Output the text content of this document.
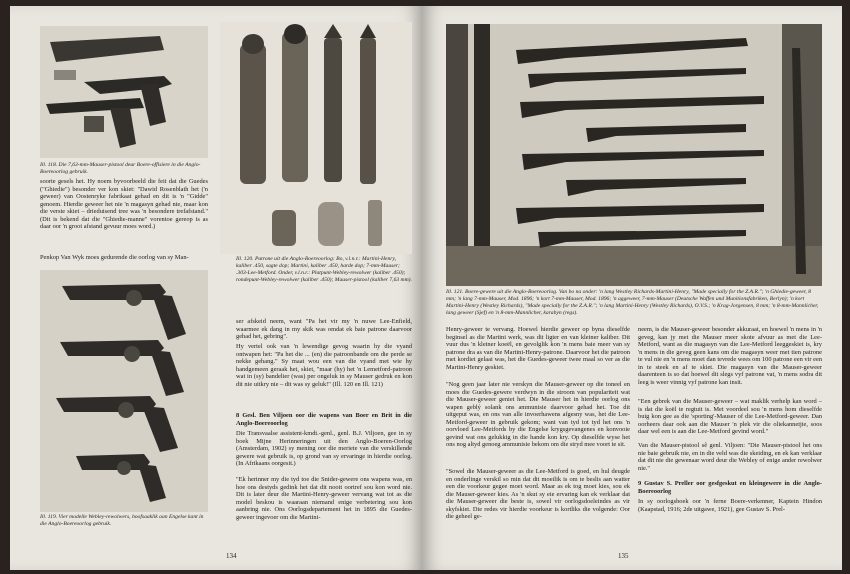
Ill. 118. Die 7,63-mm-Mauser-pistool deur Boere-offisiere in die Anglo-Boereoorlog gebruik.
soorte gesels het. Hy noem byvoorbeeld die feit dat die Guedes ("Ghiedie") besonder ver kon skiet: "Dawid Rosenblath het ('n geweer) van Oostenryke fabrikaat gehad en dit is 'n "Gidde" genoem. Hierdie geweer het nie 'n magasyn gehad nie, maar kon die verste skiet – drieduisend tree was 'n besondere trefafstand." (Dit is bekend dat die "Ghiedie-manne" vorentoe gereop is as daar oor 'n groot afstand gevuur moes word.)
Penkop Van Wyk moes gedurende die oorlog van sy Man-
Ill. 119. Vier modelle Webley-rewolwers, hoofsaaklik aan Engelse kant in die Anglo-Boereoorlog gebruik.
Ill. 120. Patrone uit die Anglo-Boereoorlog: Bo, v.l.n.r.: Martini-Henry, kaliber .450, sagte dop; Martini, kaliber .450, harde dop; 7-mm-Mauser; .303-Lee-Metford. Onder, v.l.n.r.: Platpunt-Webley-rewolwer (kaliber .450); rondepunt-Webley-rewolwer (kaliber .450); Mauser-pistool (kaliber 7,63 mm).
ser afskeid neem, want "Pa het vir my 'n nuwe Lee-Enfield, waarmee ek dang in my skik was omdat ek baie patrone daarvoor gehad het, gebring".
Hy vertel ook van 'n lewendige gevog waarin hy die vyand ontwapen het: "Pa het die ... (en) die patroonbande om die perde se nekke gehang." Sy maat wou een van die vyand met wie hy handgemeen geraak het, skiet, "maar (hy) het 'n Lemetford-patroon wat in (sy) bandelier (was) per ongeluk in sy Mauser gedruk en kon dit nie uitkry nie – dit was sy geluk!" (Ill. 120 en Ill. 121)
8 Gesl. Ben Viljoen oor die wapens van Boer en Brit in die Anglo-Boereoorlog
Die Transvaalse assistent-kmdt.-genl., genl. B.J. Viljoen, gee in sy boek Mijne Herinneringen uit den Anglo-Boeren-Oorlog (Amsterdam, 1902) sy mening oor die meriete van die verskillende gewere wat gebruik is, op grond van sy ervaringe in hierdie oorlog. (In Afrikaans oorgesit.)
"Ek herinner my die tyd toe die Snider-gewere ons wapens was, en hoe ons destyds gedink het dat dit nooit oortref sou kon word nie. Dit is later deur die Martini-Henry-geweer vervang wat tot as die model beskou is waaraan niemand enige verbetering sou kon aanbring nie. Ons Oorlogsdepartement het in 1895 die Guedes-geweer ingevoer om die Martini-
134
Ill. 121. Boere-gewere uit die Anglo-Boereoorlog. Van bo na onder: 'n lang Westley Richards-Martini-Henry, "Made specially for the Z.A.R."; 'n Ghiedie-geweer, 8 mm; 'n lang 7-mm-Mauser, Mod. 1896; 'n kort 7-mm-Mauser, Mod. 1896; 'n aggeweer, 7-mm-Mauser (Deutsche Waffen und Munitionsfabriken, Berlyn); 'n kort Martini-Henry (Westley Richards), "Made specially for the Z.A.R."; 'n lang Martini-Henry (Westley Richards), O.V.S.; 'n Krag-Jorgensen, 8 mm; 'n 8-mm-Mannlicher, lang geweer (Sjef) en 'n 8-mm-Mannlicher, karabyn (regs).
Henry-geweer te vervang. Hoewel hierdie geweer op byna dieselfde beginsel as die Martini werk, was dit ligter en van kleiner kaliber. Dit vuur dus 'n kleiner koeël, en gevolglik kon 'n mens baie meer van sy patrone dra as van die Martini-Henry-patrone. Daarvoor het die patroon met kordiet gelaai was, het die Guedes-geweer twee maal so ver as die Martini-Henry geskiet.
"Nog geen jaar later nie verskyn die Mauser-geweer op die toneel en moes die Guedes-gewere verdwyn in die stroom van populariteit wat die Mauser-geweer geniet het. Die Mauser het in hierdie oorlog ons wapen geblý solank ons ammunisie daarvoor gehad het. Toe dit uitgeput was, en ons van alle invoerhawens afgesny was, het die Lee-Metford-geweer in gebruik gekom; want van tyd tot tyd het ons 'n oorvloed Lee-Metfords by die Engelse krygsgevangenes en konvooie gevind wat ons gelukkig in die hande kon kry. Op dieselfde wyse het ons nog altyd genoeg ammunisie bekom om die stryd mee voort te sit.
"Sowel die Mauser-geweer as die Lee-Metford is goed, en hul deugde en onderlinge verskil so min dat dit moeilik is om te beslis aan watter een die voorkeur gegee moet word. Maar as ek tog moet kies, sou ek die Mauser-geweer kies. As 'n skut sy eie ervaring kan ek verklaar dat die Mauser-geweer die beste is, sowel vir oorlogsdoeleindes as vir skyfskiet. Die redes vir hierdie voorkeur is kortliks die volgende: Oor die geheel ge-
neem, is die Mauser-geweer besonder akkuraat, en hoewel 'n mens in 'n geveg, kan jy met die Mauser meer skote afvuur as met die Lee-Metford, want as die magasyn van die Lee-Metford leeggeskiet is, kry 'n mens in die geveg geen kans om die magasyn weer met tien patrone te vul nie en 'n mens moet dan tevrede wees om 100 patrone een vir een in te steek en af te skiet. Die magasyn van die Mauser-geweer daarenteen is so dat hoewel dit slegs vyf patrone vat, 'n mens sodra dit leeg is weer vinnig vyf patrone kan insit.
"Een gebrek van die Mauser-geweer – wat maklik verhelp kan word – is dat die koël te regtuit is. Met voordeel sou 'n mens hom dieselfde buig kon gee as die 'sporting'-Mauser of die Lee-Metford-geweer. Dan oorheers daar ook aan die Mauser 'n plek vir die oliekannetjie, soos daar wel een is aan die Lee-Metford gevind word."
Van die Mauser-pistool sê genl. Viljoen: "Die Mauser-pistool het ons nie baie gebruik nie, en in die veld was die skeiding, en ek kan verklaar dat dit nie die gewenaar word deur die Webley of enige ander rewolwer nie."
9 Gustav S. Preller oor gesfgeskut en kleingewere in die Anglo-Boereoorlog
In sy oorlogsboek oor 'n ferne Boere-verkenner, Kaptein Hindon (Kaapstad, 1916; 2de uitgawe, 1921), gee Gustav S. Prel-
135
